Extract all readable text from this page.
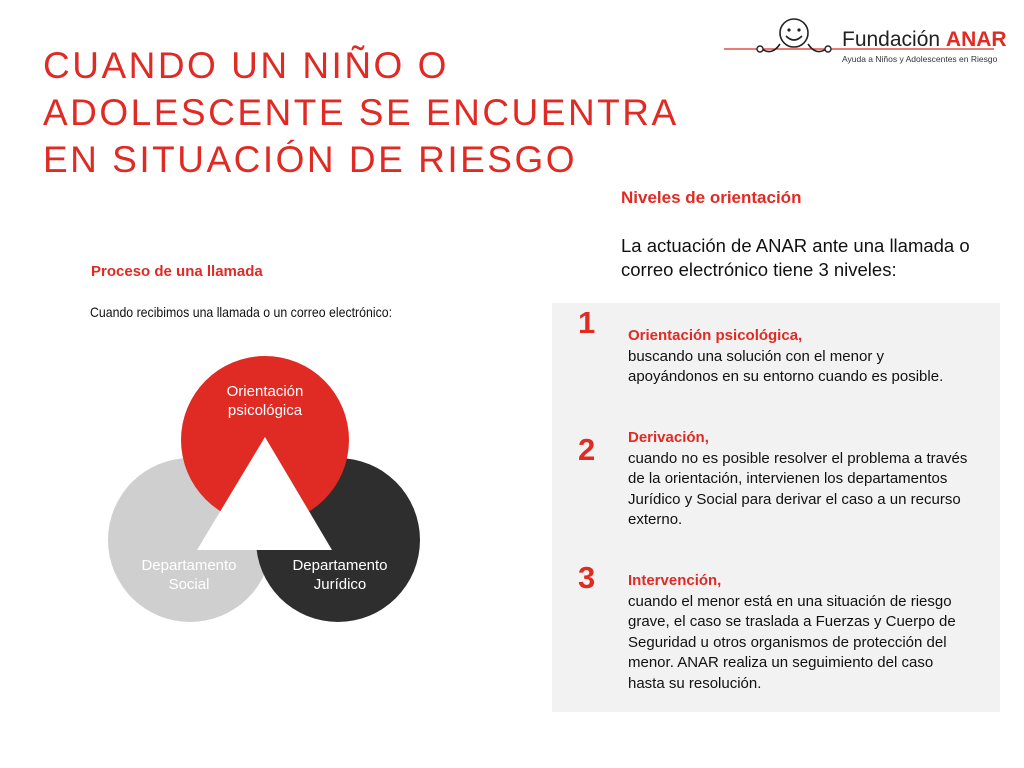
CUANDO UN NIÑO O
ADOLESCENTE SE ENCUENTRA
EN SITUACIÓN DE RIESGO
Fundación ANAR
Ayuda a Niños y Adolescentes en Riesgo
Proceso de una llamada
Cuando recibimos una llamada o un correo electrónico:
Orientación
psicológica
Departamento
Social
Departamento
Jurídico
Niveles de orientación
La actuación de ANAR ante una llamada o correo electrónico tiene 3 niveles:
1 Orientación psicológica,
buscando una solución con el menor y apoyándonos en su entorno cuando es posible.
2 Derivación,
cuando no es posible resolver el problema a través de la orientación, intervienen los departamentos Jurídico y Social para derivar el caso a un recurso externo.
3 Intervención,
cuando el menor está en una situación de riesgo grave, el caso se traslada a Fuerzas y Cuerpo de Seguridad u otros organismos de protección del menor. ANAR realiza un seguimiento del caso hasta su resolución.
